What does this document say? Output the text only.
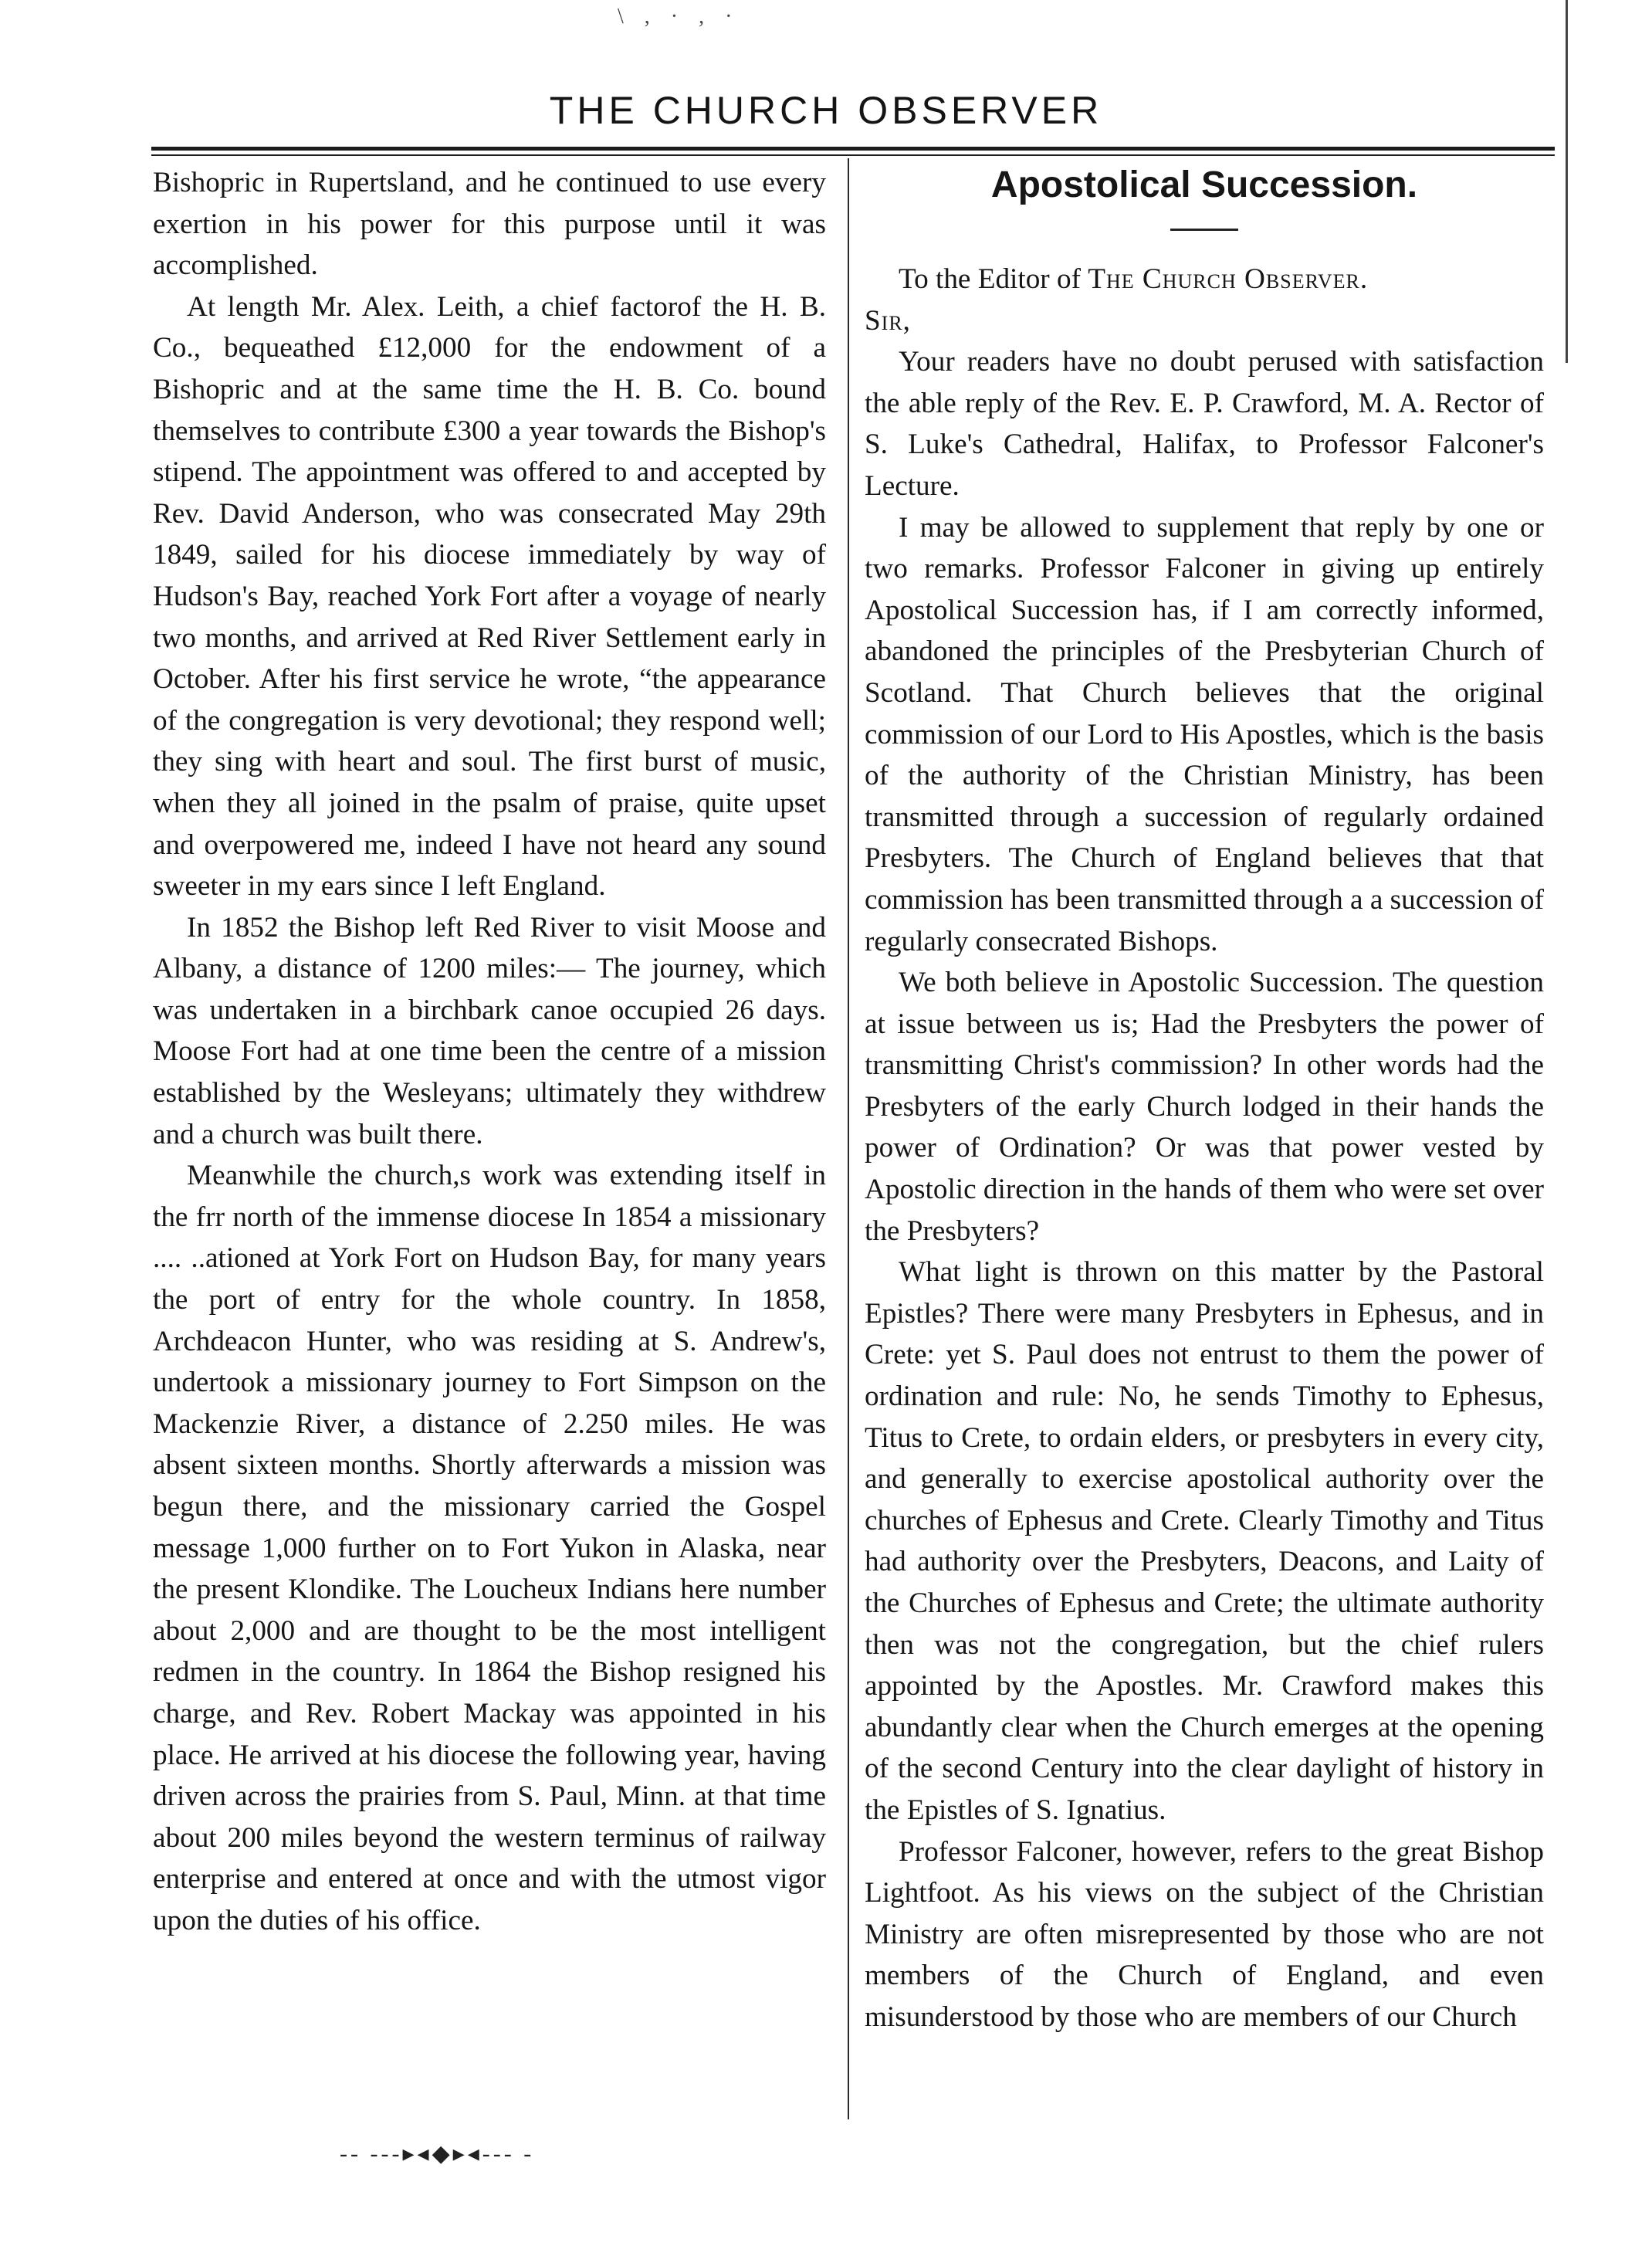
\ , · , ·
THE CHURCH OBSERVER

Bishopric in Rupertsland, and he continued to use every exertion in his power for this purpose until it was accomplished.

At length Mr. Alex. Leith, a chief factorof the H. B. Co., bequeathed £12,000 for the endowment of a Bishopric and at the same time the H. B. Co. bound themselves to contribute £300 a year towards the Bishop's stipend. The appointment was offered to and accepted by Rev. David Anderson, who was consecrated May 29th 1849, sailed for his diocese immediately by way of Hudson's Bay, reached York Fort after a voyage of nearly two months, and arrived at Red River Settlement early in October. After his first service he wrote, “the appearance of the congregation is very devotional; they respond well; they sing with heart and soul. The first burst of music, when they all joined in the psalm of praise, quite upset and overpowered me, indeed I have not heard any sound sweeter in my ears since I left England.

In 1852 the Bishop left Red River to visit Moose and Albany, a distance of 1200 miles:— The journey, which was undertaken in a birchbark canoe occupied 26 days. Moose Fort had at one time been the centre of a mission established by the Wesleyans; ultimately they withdrew and a church was built there.

Meanwhile the church,s work was extending itself in the frr north of the immense diocese In 1854 a missionary .... ..ationed at York Fort on Hudson Bay, for many years the port of entry for the whole country. In 1858, Archdeacon Hunter, who was residing at S. Andrew's, undertook a missionary journey to Fort Simpson on the Mackenzie River, a distance of 2.250 miles. He was absent sixteen months. Shortly afterwards a mission was begun there, and the missionary carried the Gospel message 1,000 further on to Fort Yukon in Alaska, near the present Klondike. The Loucheux Indians here number about 2,000 and are thought to be the most intelligent redmen in the country. In 1864 the Bishop resigned his charge, and Rev. Robert Mackay was appointed in his place. He arrived at his diocese the following year, having driven across the prairies from S. Paul, Minn. at that time about 200 miles beyond the western terminus of railway enterprise and entered at once and with the utmost vigor upon the duties of his office.

-- ---▸◂◆▸◂--- -
Apostolical Succession.

To the Editor of The Church Observer.

Sir,

Your readers have no doubt perused with satisfaction the able reply of the Rev. E. P. Crawford, M. A. Rector of S. Luke's Cathedral, Halifax, to Professor Falconer's Lecture.

I may be allowed to supplement that reply by one or two remarks. Professor Falconer in giving up entirely Apostolical Succession has, if I am correctly informed, abandoned the principles of the Presbyterian Church of Scotland. That Church believes that the original commission of our Lord to His Apostles, which is the basis of the authority of the Christian Ministry, has been transmitted through a succession of regularly ordained Presbyters. The Church of England believes that that commission has been transmitted through a a succession of regularly consecrated Bishops.

We both believe in Apostolic Succession. The question at issue between us is; Had the Presbyters the power of transmitting Christ's commission? In other words had the Presbyters of the early Church lodged in their hands the power of Ordination? Or was that power vested by Apostolic direction in the hands of them who were set over the Presbyters?

What light is thrown on this matter by the Pastoral Epistles? There were many Presbyters in Ephesus, and in Crete: yet S. Paul does not entrust to them the power of ordination and rule: No, he sends Timothy to Ephesus, Titus to Crete, to ordain elders, or presbyters in every city, and generally to exercise apostolical authority over the churches of Ephesus and Crete. Clearly Timothy and Titus had authority over the Presbyters, Deacons, and Laity of the Churches of Ephesus and Crete; the ultimate authority then was not the congregation, but the chief rulers appointed by the Apostles. Mr. Crawford makes this abundantly clear when the Church emerges at the opening of the second Century into the clear daylight of history in the Epistles of S. Ignatius.

Professor Falconer, however, refers to the great Bishop Lightfoot. As his views on the subject of the Christian Ministry are often misrepresented by those who are not members of the Church of England, and even misunderstood by those who are members of our Church
